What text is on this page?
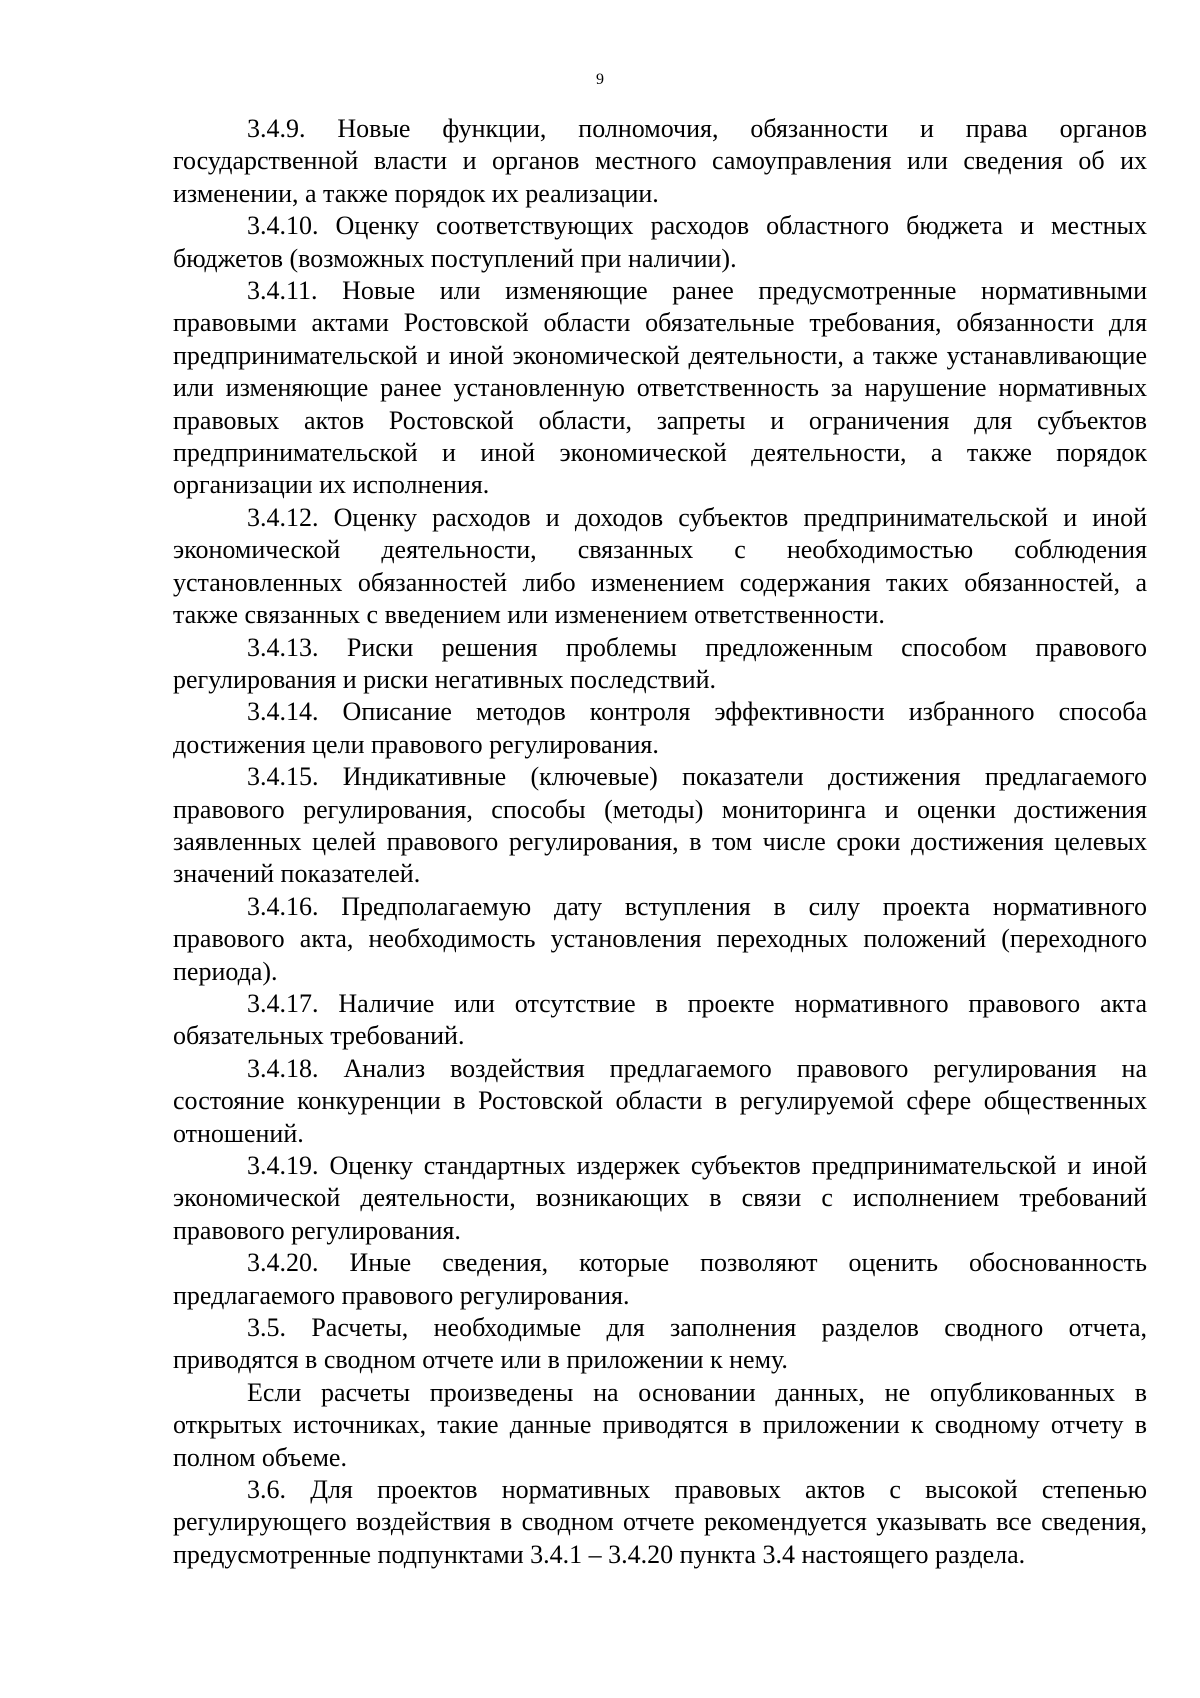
9

3.4.9. Новые функции, полномочия, обязанности и права органов государственной власти и органов местного самоуправления или сведения об их изменении, а также порядок их реализации.

3.4.10. Оценку соответствующих расходов областного бюджета и местных бюджетов (возможных поступлений при наличии).

3.4.11. Новые или изменяющие ранее предусмотренные нормативными правовыми актами Ростовской области обязательные требования, обязанности для предпринимательской и иной экономической деятельности, а также устанавливающие или изменяющие ранее установленную ответственность за нарушение нормативных правовых актов Ростовской области, запреты и ограничения для субъектов предпринимательской и иной экономической деятельности, а также порядок организации их исполнения.

3.4.12. Оценку расходов и доходов субъектов предпринимательской и иной экономической деятельности, связанных с необходимостью соблюдения установленных обязанностей либо изменением содержания таких обязанностей, а также связанных с введением или изменением ответственности.

3.4.13. Риски решения проблемы предложенным способом правового регулирования и риски негативных последствий.

3.4.14. Описание методов контроля эффективности избранного способа достижения цели правового регулирования.

3.4.15. Индикативные (ключевые) показатели достижения предлагаемого правового регулирования, способы (методы) мониторинга и оценки достижения заявленных целей правового регулирования, в том числе сроки достижения целевых значений показателей.

3.4.16. Предполагаемую дату вступления в силу проекта нормативного правового акта, необходимость установления переходных положений (переходного периода).

3.4.17. Наличие или отсутствие в проекте нормативного правового акта обязательных требований.

3.4.18. Анализ воздействия предлагаемого правового регулирования на состояние конкуренции в Ростовской области в регулируемой сфере общественных отношений.

3.4.19. Оценку стандартных издержек субъектов предпринимательской и иной экономической деятельности, возникающих в связи с исполнением требований правового регулирования.

3.4.20. Иные сведения, которые позволяют оценить обоснованность предлагаемого правового регулирования.

3.5. Расчеты, необходимые для заполнения разделов сводного отчета, приводятся в сводном отчете или в приложении к нему.

Если расчеты произведены на основании данных, не опубликованных в открытых источниках, такие данные приводятся в приложении к сводному отчету в полном объеме.

3.6. Для проектов нормативных правовых актов с высокой степенью регулирующего воздействия в сводном отчете рекомендуется указывать все сведения, предусмотренные подпунктами 3.4.1 – 3.4.20 пункта 3.4 настоящего раздела.
